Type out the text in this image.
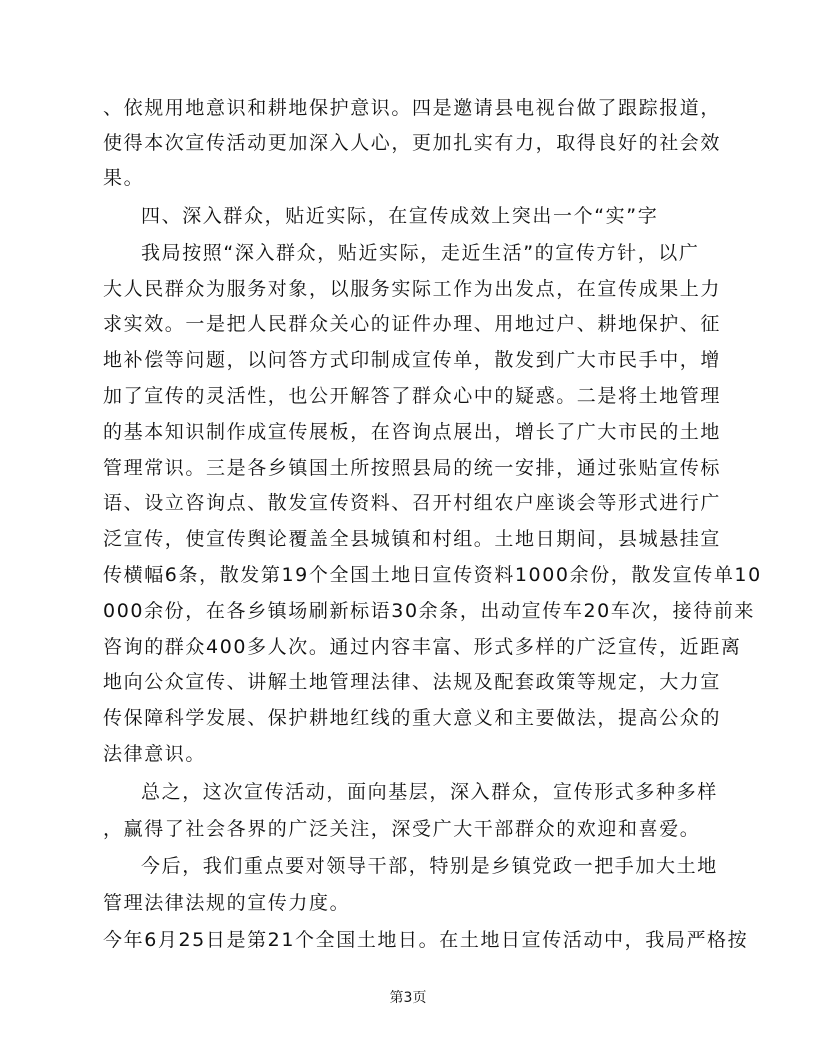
、依规用地意识和耕地保护意识。四是邀请县电视台做了跟踪报道，
使得本次宣传活动更加深入人心，更加扎实有力，取得良好的社会效
果。
四、深入群众，贴近实际，在宣传成效上突出一个“实”字
我局按照“深入群众，贴近实际，走近生活”的宣传方针，以广
大人民群众为服务对象，以服务实际工作为出发点，在宣传成果上力
求实效。一是把人民群众关心的证件办理、用地过户、耕地保护、征
地补偿等问题，以问答方式印制成宣传单，散发到广大市民手中，增
加了宣传的灵活性，也公开解答了群众心中的疑惑。二是将土地管理
的基本知识制作成宣传展板，在咨询点展出，增长了广大市民的土地
管理常识。三是各乡镇国土所按照县局的统一安排，通过张贴宣传标
语、设立咨询点、散发宣传资料、召开村组农户座谈会等形式进行广
泛宣传，使宣传舆论覆盖全县城镇和村组。土地日期间，县城悬挂宣
传横幅6条，散发第19个全国土地日宣传资料1000余份，散发宣传单10
000余份，在各乡镇场刷新标语30余条，出动宣传车20车次，接待前来
咨询的群众400多人次。通过内容丰富、形式多样的广泛宣传，近距离
地向公众宣传、讲解土地管理法律、法规及配套政策等规定，大力宣
传保障科学发展、保护耕地红线的重大意义和主要做法，提高公众的
法律意识。
总之，这次宣传活动，面向基层，深入群众，宣传形式多种多样
，赢得了社会各界的广泛关注，深受广大干部群众的欢迎和喜爱。
今后，我们重点要对领导干部，特别是乡镇党政一把手加大土地
管理法律法规的宣传力度。
今年6月25日是第21个全国土地日。在土地日宣传活动中，我局严格按
第3页
